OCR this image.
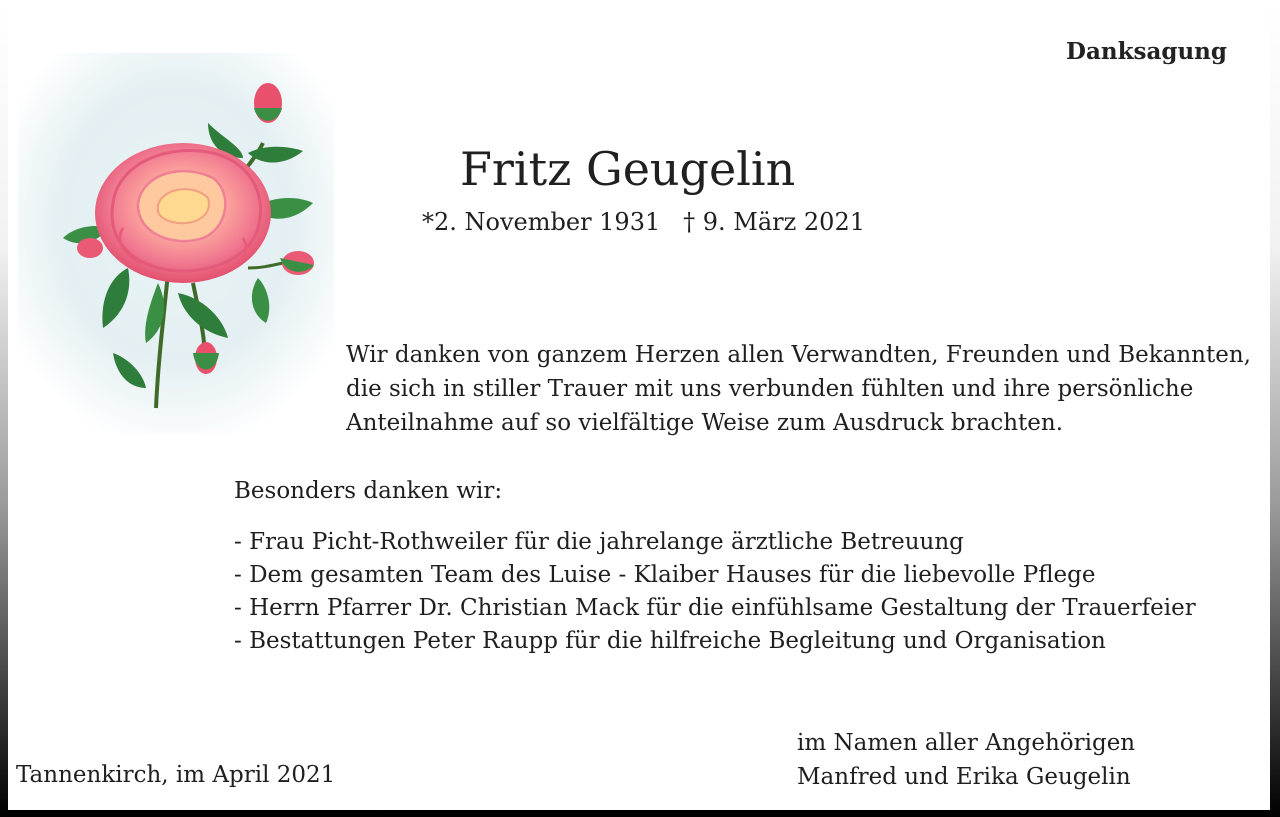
Danksagung
Fritz Geugelin
*2. November 1931   † 9. März 2021
Wir danken von ganzem Herzen allen Verwandten, Freunden und Bekannten,
die sich in stiller Trauer mit uns verbunden fühlten und ihre persönliche
Anteilnahme auf so vielfältige Weise zum Ausdruck brachten.
Besonders danken wir:
- Frau Picht-Rothweiler für die jahrelange ärztliche Betreuung
- Dem gesamten Team des Luise - Klaiber Hauses für die liebevolle Pflege
- Herrn Pfarrer Dr. Christian Mack für die einfühlsame Gestaltung der Trauerfeier
- Bestattungen Peter Raupp für die hilfreiche Begleitung und Organisation
Tannenkirch, im April 2021
im Namen aller Angehörigen
Manfred und Erika Geugelin
